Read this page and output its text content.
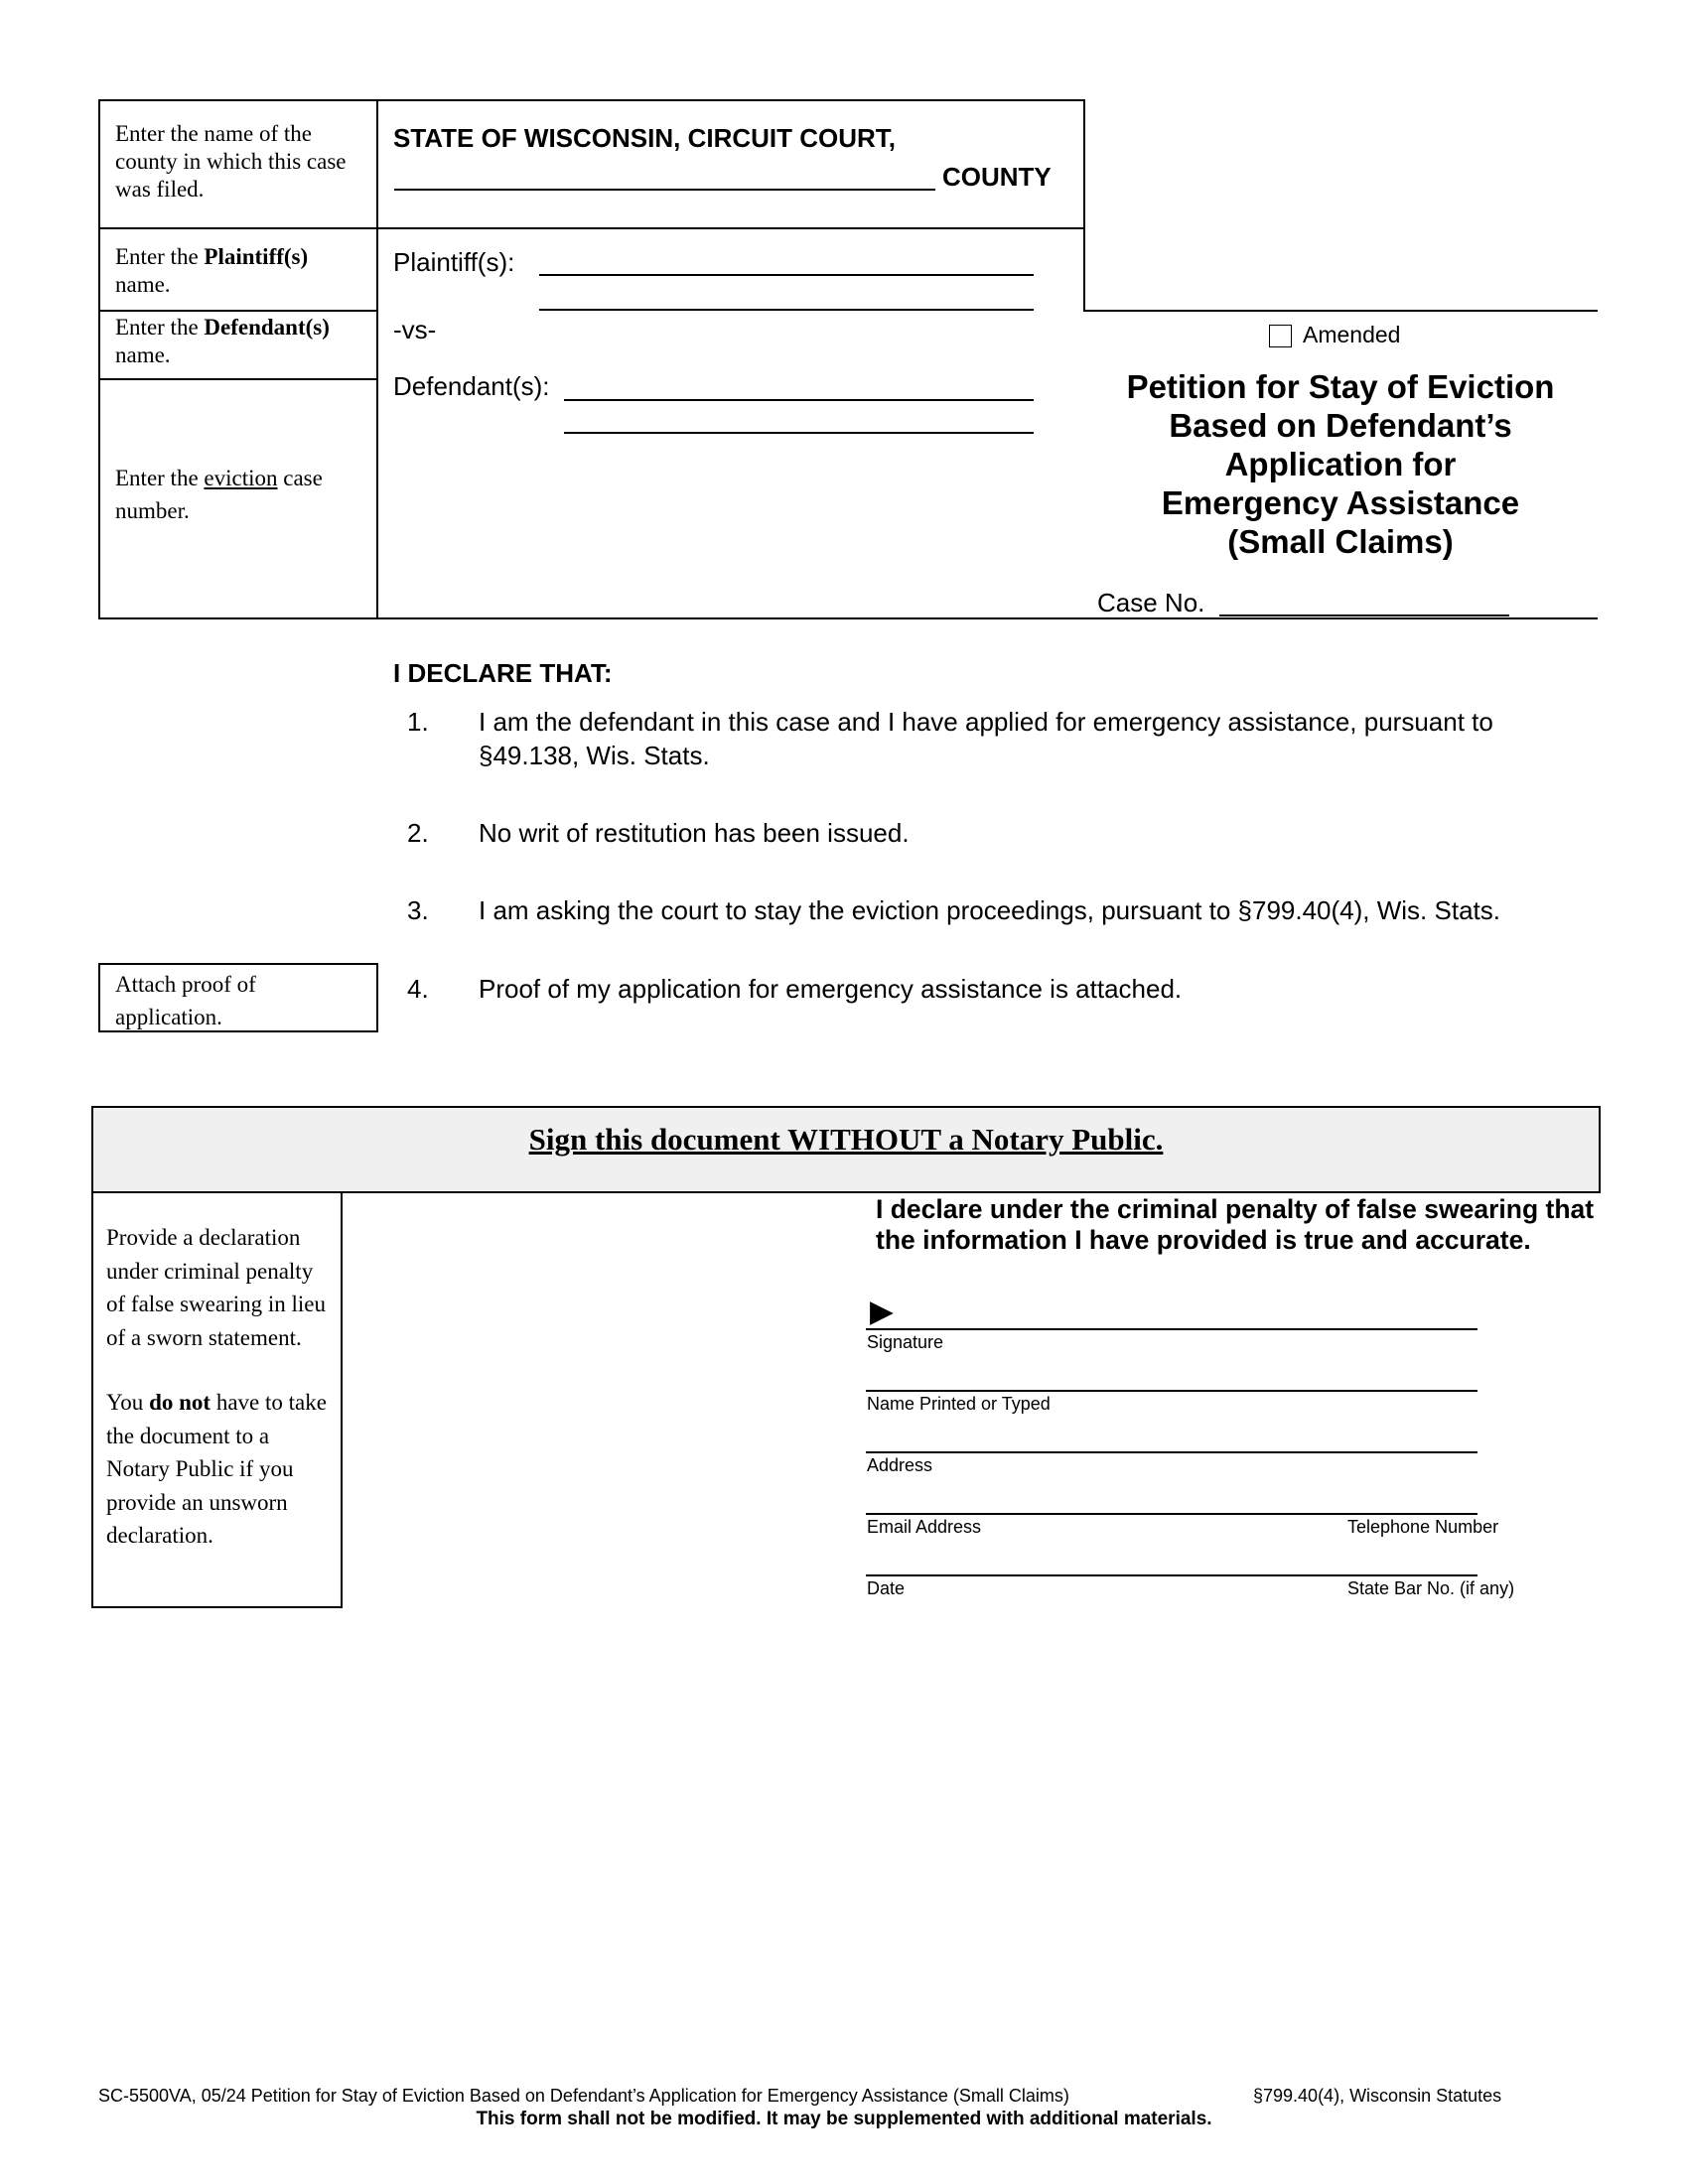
Enter the name of the county in which this case was filed.
Enter the Plaintiff(s) name.
Enter the Defendant(s) name.
Enter the eviction case number.
STATE OF WISCONSIN, CIRCUIT COURT,
COUNTY
Plaintiff(s):
-vs-
Defendant(s):
Amended
Petition for Stay of Eviction
Based on Defendant’s
Application for
Emergency Assistance
(Small Claims)
Case No.
I DECLARE THAT:
1. I am the defendant in this case and I have applied for emergency assistance, pursuant to
§49.138, Wis. Stats.
2. No writ of restitution has been issued.
3. I am asking the court to stay the eviction proceedings, pursuant to §799.40(4), Wis. Stats.
Attach proof of application.
4. Proof of my application for emergency assistance is attached.
Sign this document WITHOUT a Notary Public.
Provide a declaration under criminal penalty of false swearing in lieu of a sworn statement.
You do not have to take the document to a Notary Public if you provide an unsworn declaration.
I declare under the criminal penalty of false swearing that the information I have provided is true and accurate.
▶
Signature
Name Printed or Typed
Address
Email Address	Telephone Number
Date	State Bar No. (if any)
SC-5500VA, 05/24 Petition for Stay of Eviction Based on Defendant’s Application for Emergency Assistance (Small Claims)	§799.40(4), Wisconsin Statutes
This form shall not be modified. It may be supplemented with additional materials.
